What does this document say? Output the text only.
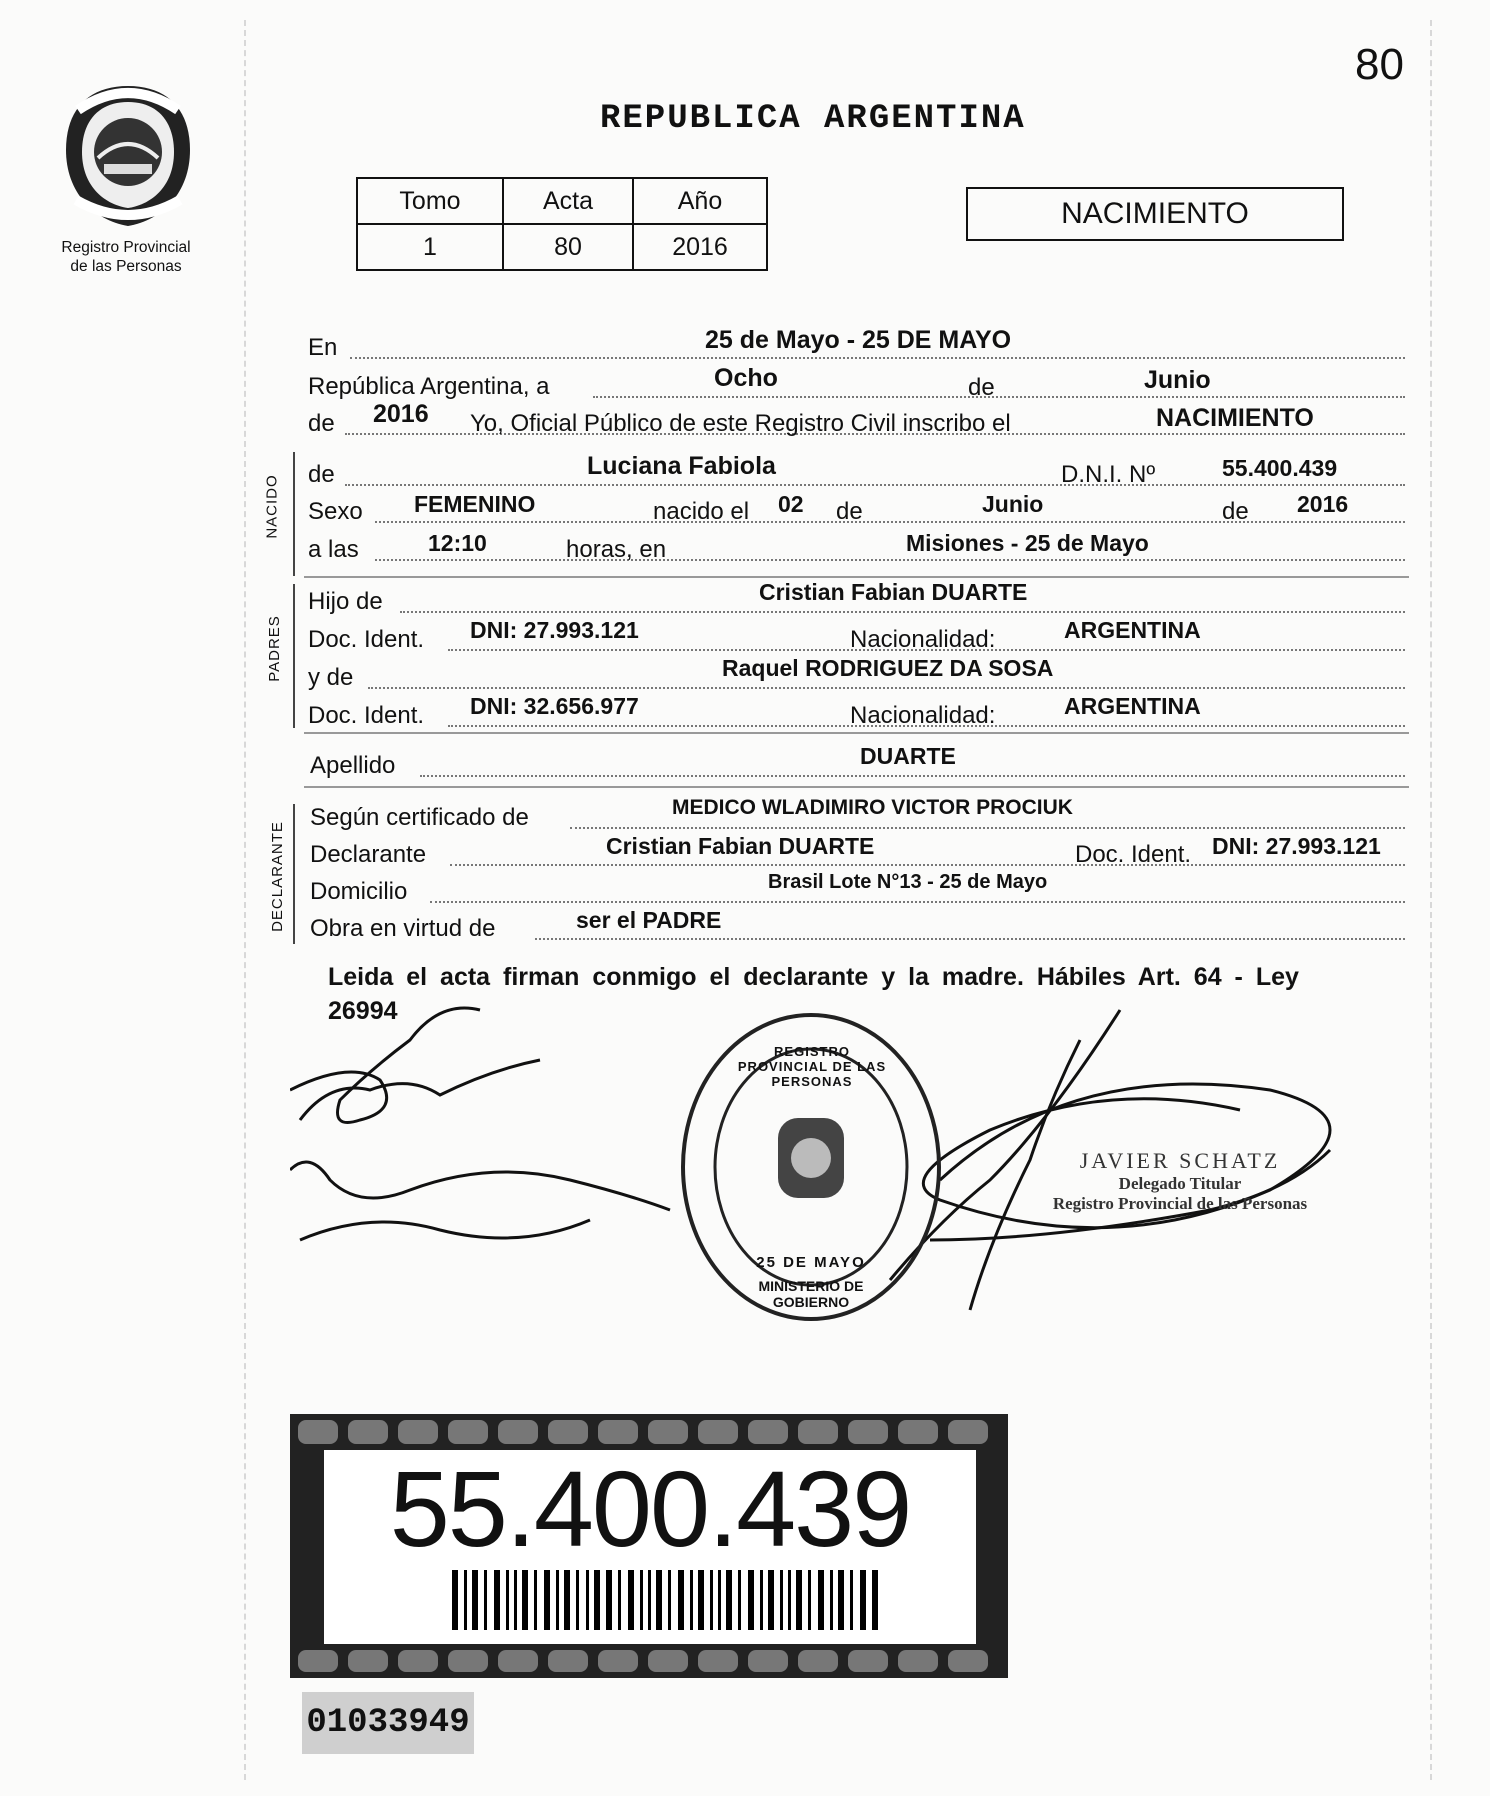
80
Registro Provincial
de las Personas
REPUBLICA ARGENTINA
Tomo	Acta	Año
1	80	2016
NACIMIENTO
En	25 de Mayo - 25 DE MAYO
República Argentina, a	Ocho	de	Junio
de 2016 Yo, Oficial Público de este Registro Civil inscribo el	NACIMIENTO
NACIDO de	Luciana Fabiola	D.N.I. Nº	55.400.439
Sexo FEMENINO	nacido el 02 de	Junio	de 2016
a las	12:10	horas, en	Misiones - 25 de Mayo
PADRES
Hijo de	Cristian Fabian DUARTE
Doc. Ident. DNI: 27.993.121	Nacionalidad:	ARGENTINA
y de	Raquel RODRIGUEZ DA SOSA
Doc. Ident. DNI: 32.656.977	Nacionalidad:	ARGENTINA
Apellido	DUARTE
DECLARANTE
Según certificado de	MEDICO WLADIMIRO VICTOR PROCIUK
Declarante	Cristian Fabian DUARTE	Doc. Ident. DNI: 27.993.121
Domicilio	Brasil Lote N°13 - 25 de Mayo
Obra en virtud de	ser el PADRE
Leida el acta firman conmigo el declarante y la madre. Hábiles Art. 64 - Ley 26994
REGISTRO PROVINCIAL DE LAS PERSONAS
25 DE MAYO
MINISTERIO DE GOBIERNO
JAVIER SCHATZ
Delegado Titular
Registro Provincial de las Personas
55.400.439
01033949
